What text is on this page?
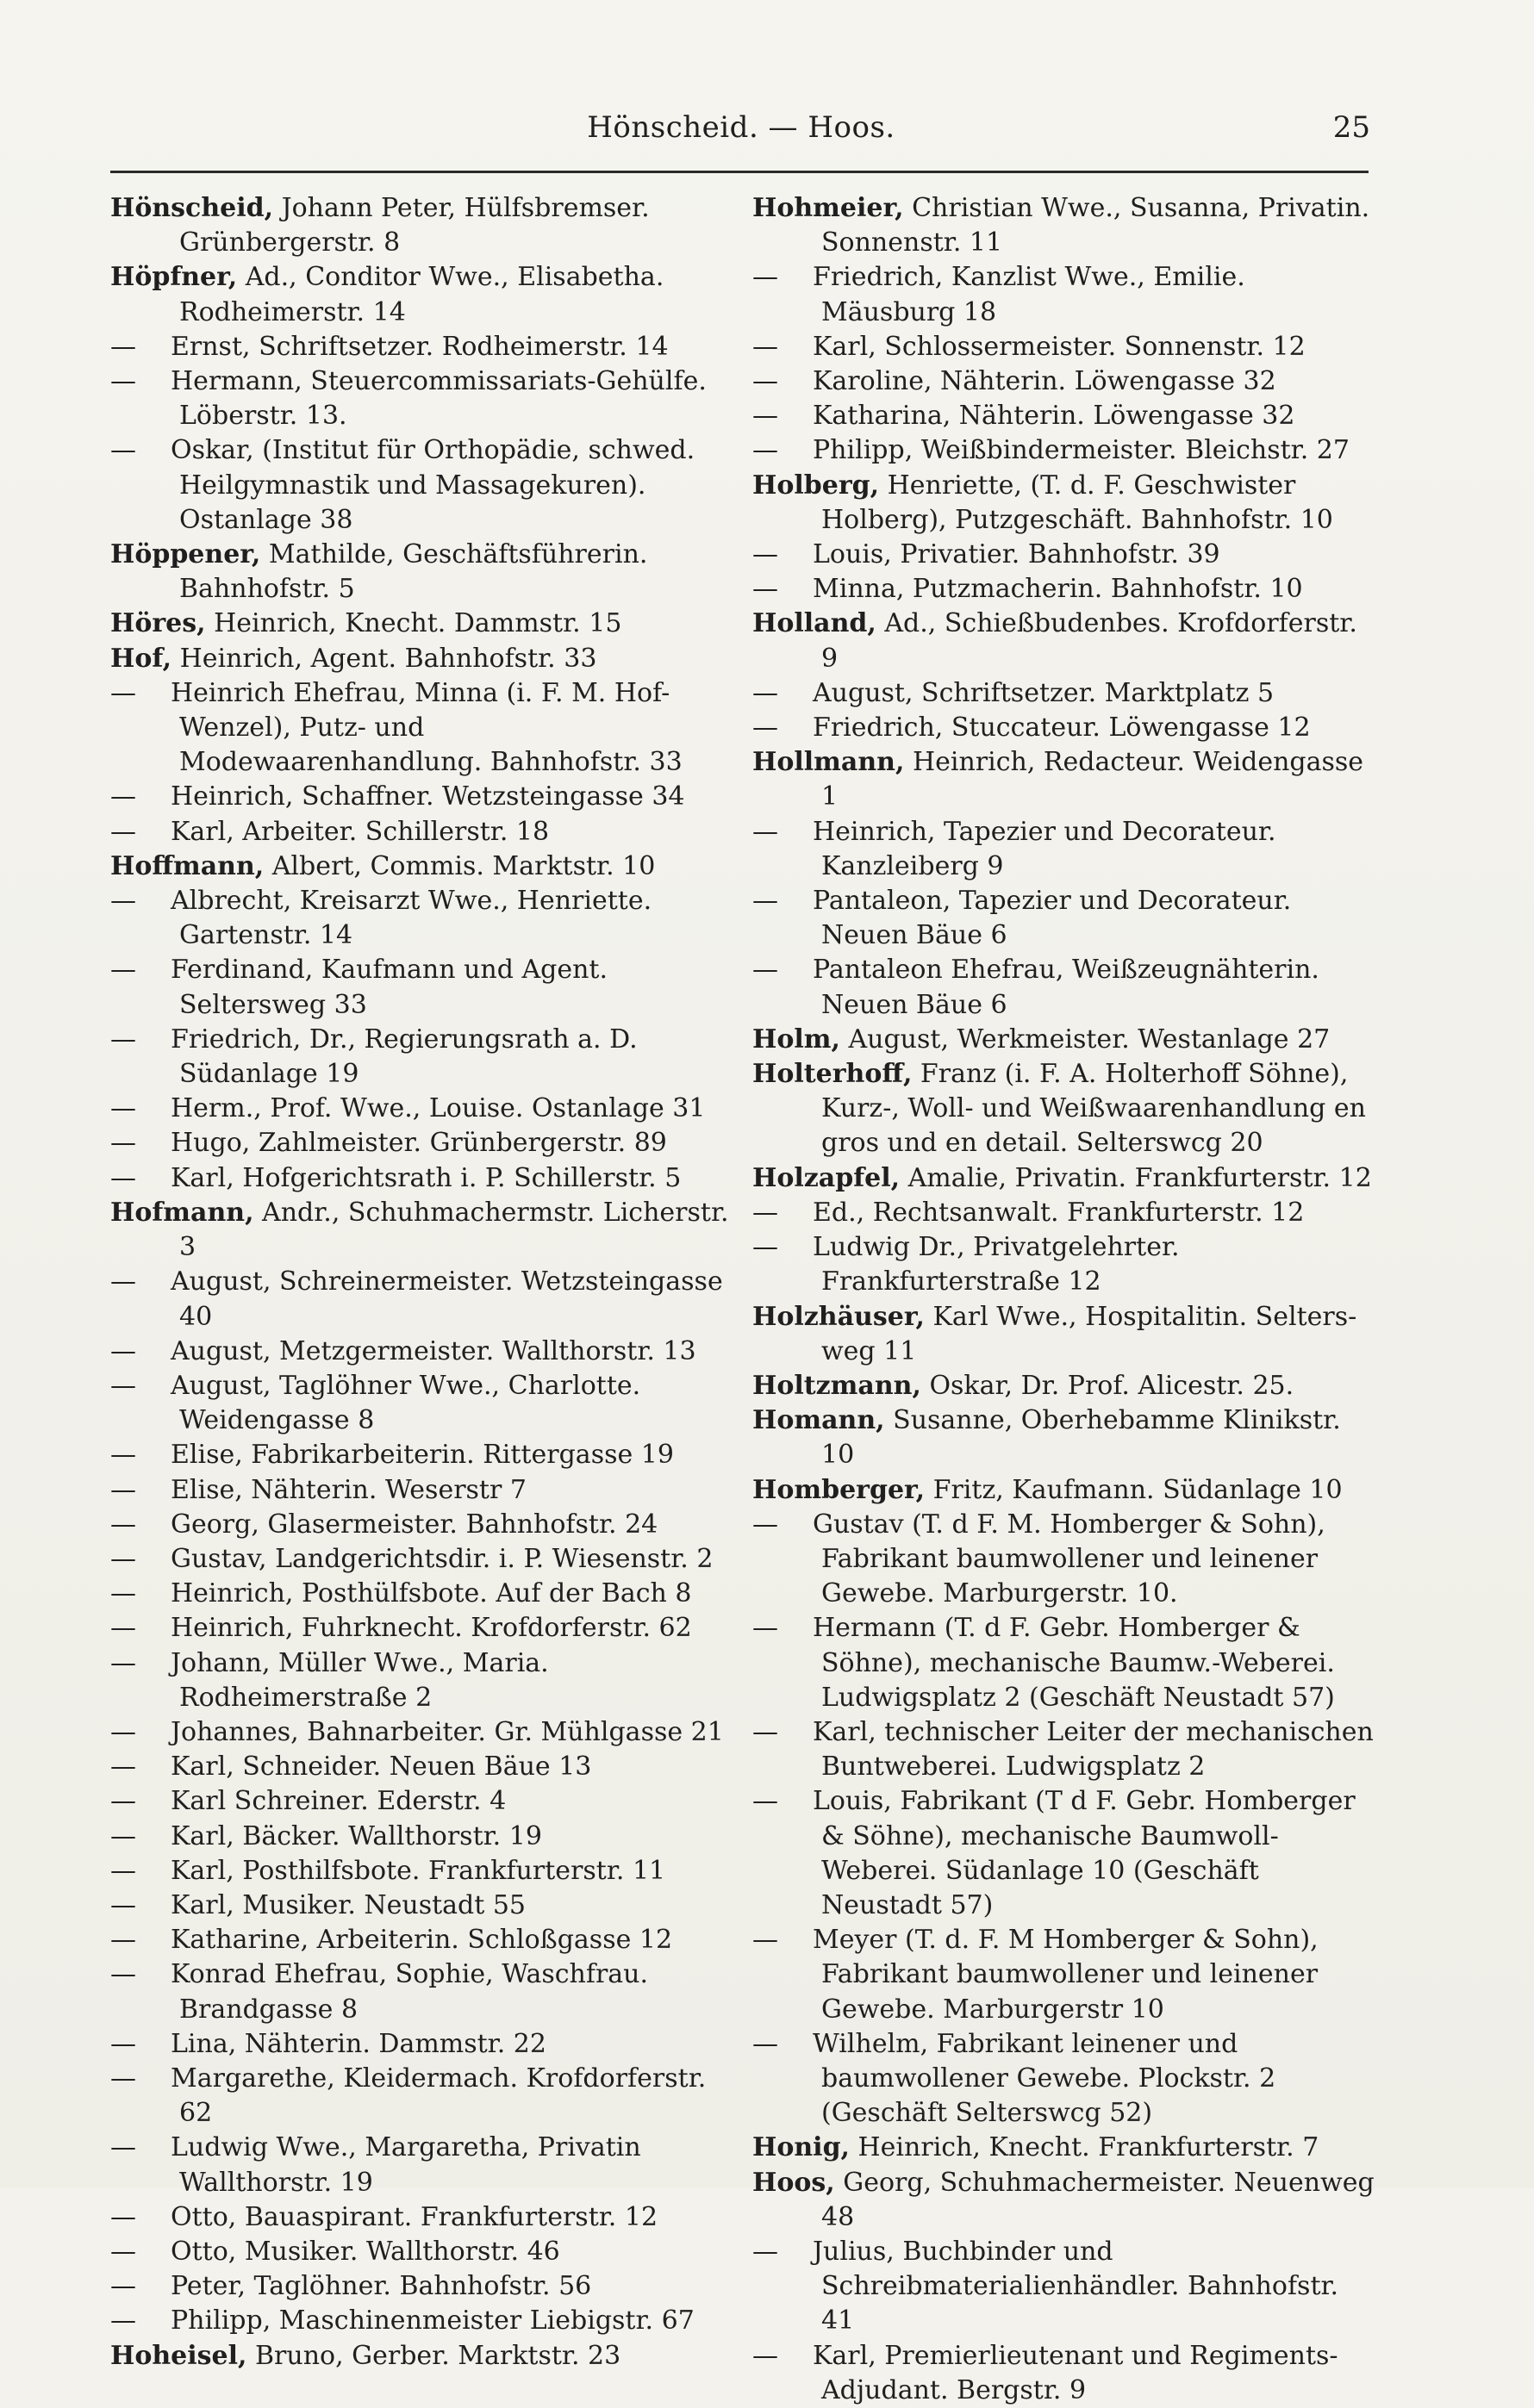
Hönscheid. — Hoos.	25

Hönscheid, Johann Peter, Hülfsbremser. Grünbergerstr. 8

Höpfner, Ad., Conditor Wwe., Elisabetha. Rodheimerstr. 14

— Ernst, Schriftsetzer. Rodheimerstr. 14

— Hermann, Steuercommissariats-Gehülfe. Löberstr. 13.

— Oskar, (Institut für Orthopädie, schwed. Heilgymnastik und Massagekuren). Ostanlage 38

Höppener, Mathilde, Geschäftsführerin. Bahnhofstr. 5

Höres, Heinrich, Knecht. Dammstr. 15

Hof, Heinrich, Agent. Bahnhofstr. 33

— Heinrich Ehefrau, Minna (i. F. M. Hof-Wenzel), Putz- und Modewaarenhandlung. Bahnhofstr. 33

— Heinrich, Schaffner. Wetzsteingasse 34

— Karl, Arbeiter. Schillerstr. 18

Hoffmann, Albert, Commis. Marktstr. 10

— Albrecht, Kreisarzt Wwe., Henriette. Gartenstr. 14

— Ferdinand, Kaufmann und Agent. Seltersweg 33

— Friedrich, Dr., Regierungsrath a. D. Südanlage 19

— Herm., Prof. Wwe., Louise. Ostanlage 31

— Hugo, Zahlmeister. Grünbergerstr. 89

— Karl, Hofgerichtsrath i. P. Schillerstr. 5

Hofmann, Andr., Schuhmachermstr. Licherstr. 3

— August, Schreinermeister. Wetzsteingasse 40

— August, Metzgermeister. Wallthorstr. 13

— August, Taglöhner Wwe., Charlotte. Weidengasse 8

— Elise, Fabrikarbeiterin. Rittergasse 19

— Elise, Nähterin. Weserstr 7

— Georg, Glasermeister. Bahnhofstr. 24

— Gustav, Landgerichtsdir. i. P. Wiesenstr. 2

— Heinrich, Posthülfsbote. Auf der Bach 8

— Heinrich, Fuhrknecht. Krofdorferstr. 62

— Johann, Müller Wwe., Maria. Rodheimerstraße 2

— Johannes, Bahnarbeiter. Gr. Mühlgasse 21

— Karl, Schneider. Neuen Bäue 13

— Karl Schreiner. Ederstr. 4

— Karl, Bäcker. Wallthorstr. 19

— Karl, Posthilfsbote. Frankfurterstr. 11

— Karl, Musiker. Neustadt 55

— Katharine, Arbeiterin. Schloßgasse 12

— Konrad Ehefrau, Sophie, Waschfrau. Brandgasse 8

— Lina, Nähterin. Dammstr. 22

— Margarethe, Kleidermach. Krofdorferstr. 62

— Ludwig Wwe., Margaretha, Privatin Wallthorstr. 19

— Otto, Bauaspirant. Frankfurterstr. 12

— Otto, Musiker. Wallthorstr. 46

— Peter, Taglöhner. Bahnhofstr. 56

— Philipp, Maschinenmeister Liebigstr. 67

Hoheisel, Bruno, Gerber. Marktstr. 23

Hohmeier, Christian Wwe., Susanna, Privatin. Sonnenstr. 11

— Friedrich, Kanzlist Wwe., Emilie. Mäusburg 18

— Karl, Schlossermeister. Sonnenstr. 12

— Karoline, Nähterin. Löwengasse 32

— Katharina, Nähterin. Löwengasse 32

— Philipp, Weißbindermeister. Bleichstr. 27

Holberg, Henriette, (T. d. F. Geschwister Holberg), Putzgeschäft. Bahnhofstr. 10

— Louis, Privatier. Bahnhofstr. 39

— Minna, Putzmacherin. Bahnhofstr. 10

Holland, Ad., Schießbudenbes. Krofdorferstr. 9

— August, Schriftsetzer. Marktplatz 5

— Friedrich, Stuccateur. Löwengasse 12

Hollmann, Heinrich, Redacteur. Weidengasse 1

— Heinrich, Tapezier und Decorateur. Kanzleiberg 9

— Pantaleon, Tapezier und Decorateur. Neuen Bäue 6

— Pantaleon Ehefrau, Weißzeugnähterin. Neuen Bäue 6

Holm, August, Werkmeister. Westanlage 27

Holterhoff, Franz (i. F. A. Holterhoff Söhne), Kurz-, Woll- und Weißwaarenhandlung en gros und en detail. Selterswcg 20

Holzapfel, Amalie, Privatin. Frankfurterstr. 12

— Ed., Rechtsanwalt. Frankfurterstr. 12

— Ludwig Dr., Privatgelehrter. Frankfurterstraße 12

Holzhäuser, Karl Wwe., Hospitalitin. Selters-weg 11

Holtzmann, Oskar, Dr. Prof. Alicestr. 25.

Homann, Susanne, Oberhebamme Klinikstr. 10

Homberger, Fritz, Kaufmann. Südanlage 10

— Gustav (T. d F. M. Homberger & Sohn), Fabrikant baumwollener und leinener Gewebe. Marburgerstr. 10.

— Hermann (T. d F. Gebr. Homberger & Söhne), mechanische Baumw.-Weberei. Ludwigsplatz 2 (Geschäft Neustadt 57)

— Karl, technischer Leiter der mechanischen Buntweberei. Ludwigsplatz 2

— Louis, Fabrikant (T d F. Gebr. Homberger & Söhne), mechanische Baumwoll-Weberei. Südanlage 10 (Geschäft Neustadt 57)

— Meyer (T. d. F. M Homberger & Sohn), Fabrikant baumwollener und leinener Gewebe. Marburgerstr 10

— Wilhelm, Fabrikant leinener und baumwollener Gewebe. Plockstr. 2 (Geschäft Selterswcg 52)

Honig, Heinrich, Knecht. Frankfurterstr. 7

Hoos, Georg, Schuhmachermeister. Neuenweg 48

— Julius, Buchbinder und Schreibmaterialienhändler. Bahnhofstr. 41

— Karl, Premierlieutenant und Regiments-Adjudant. Bergstr. 9
